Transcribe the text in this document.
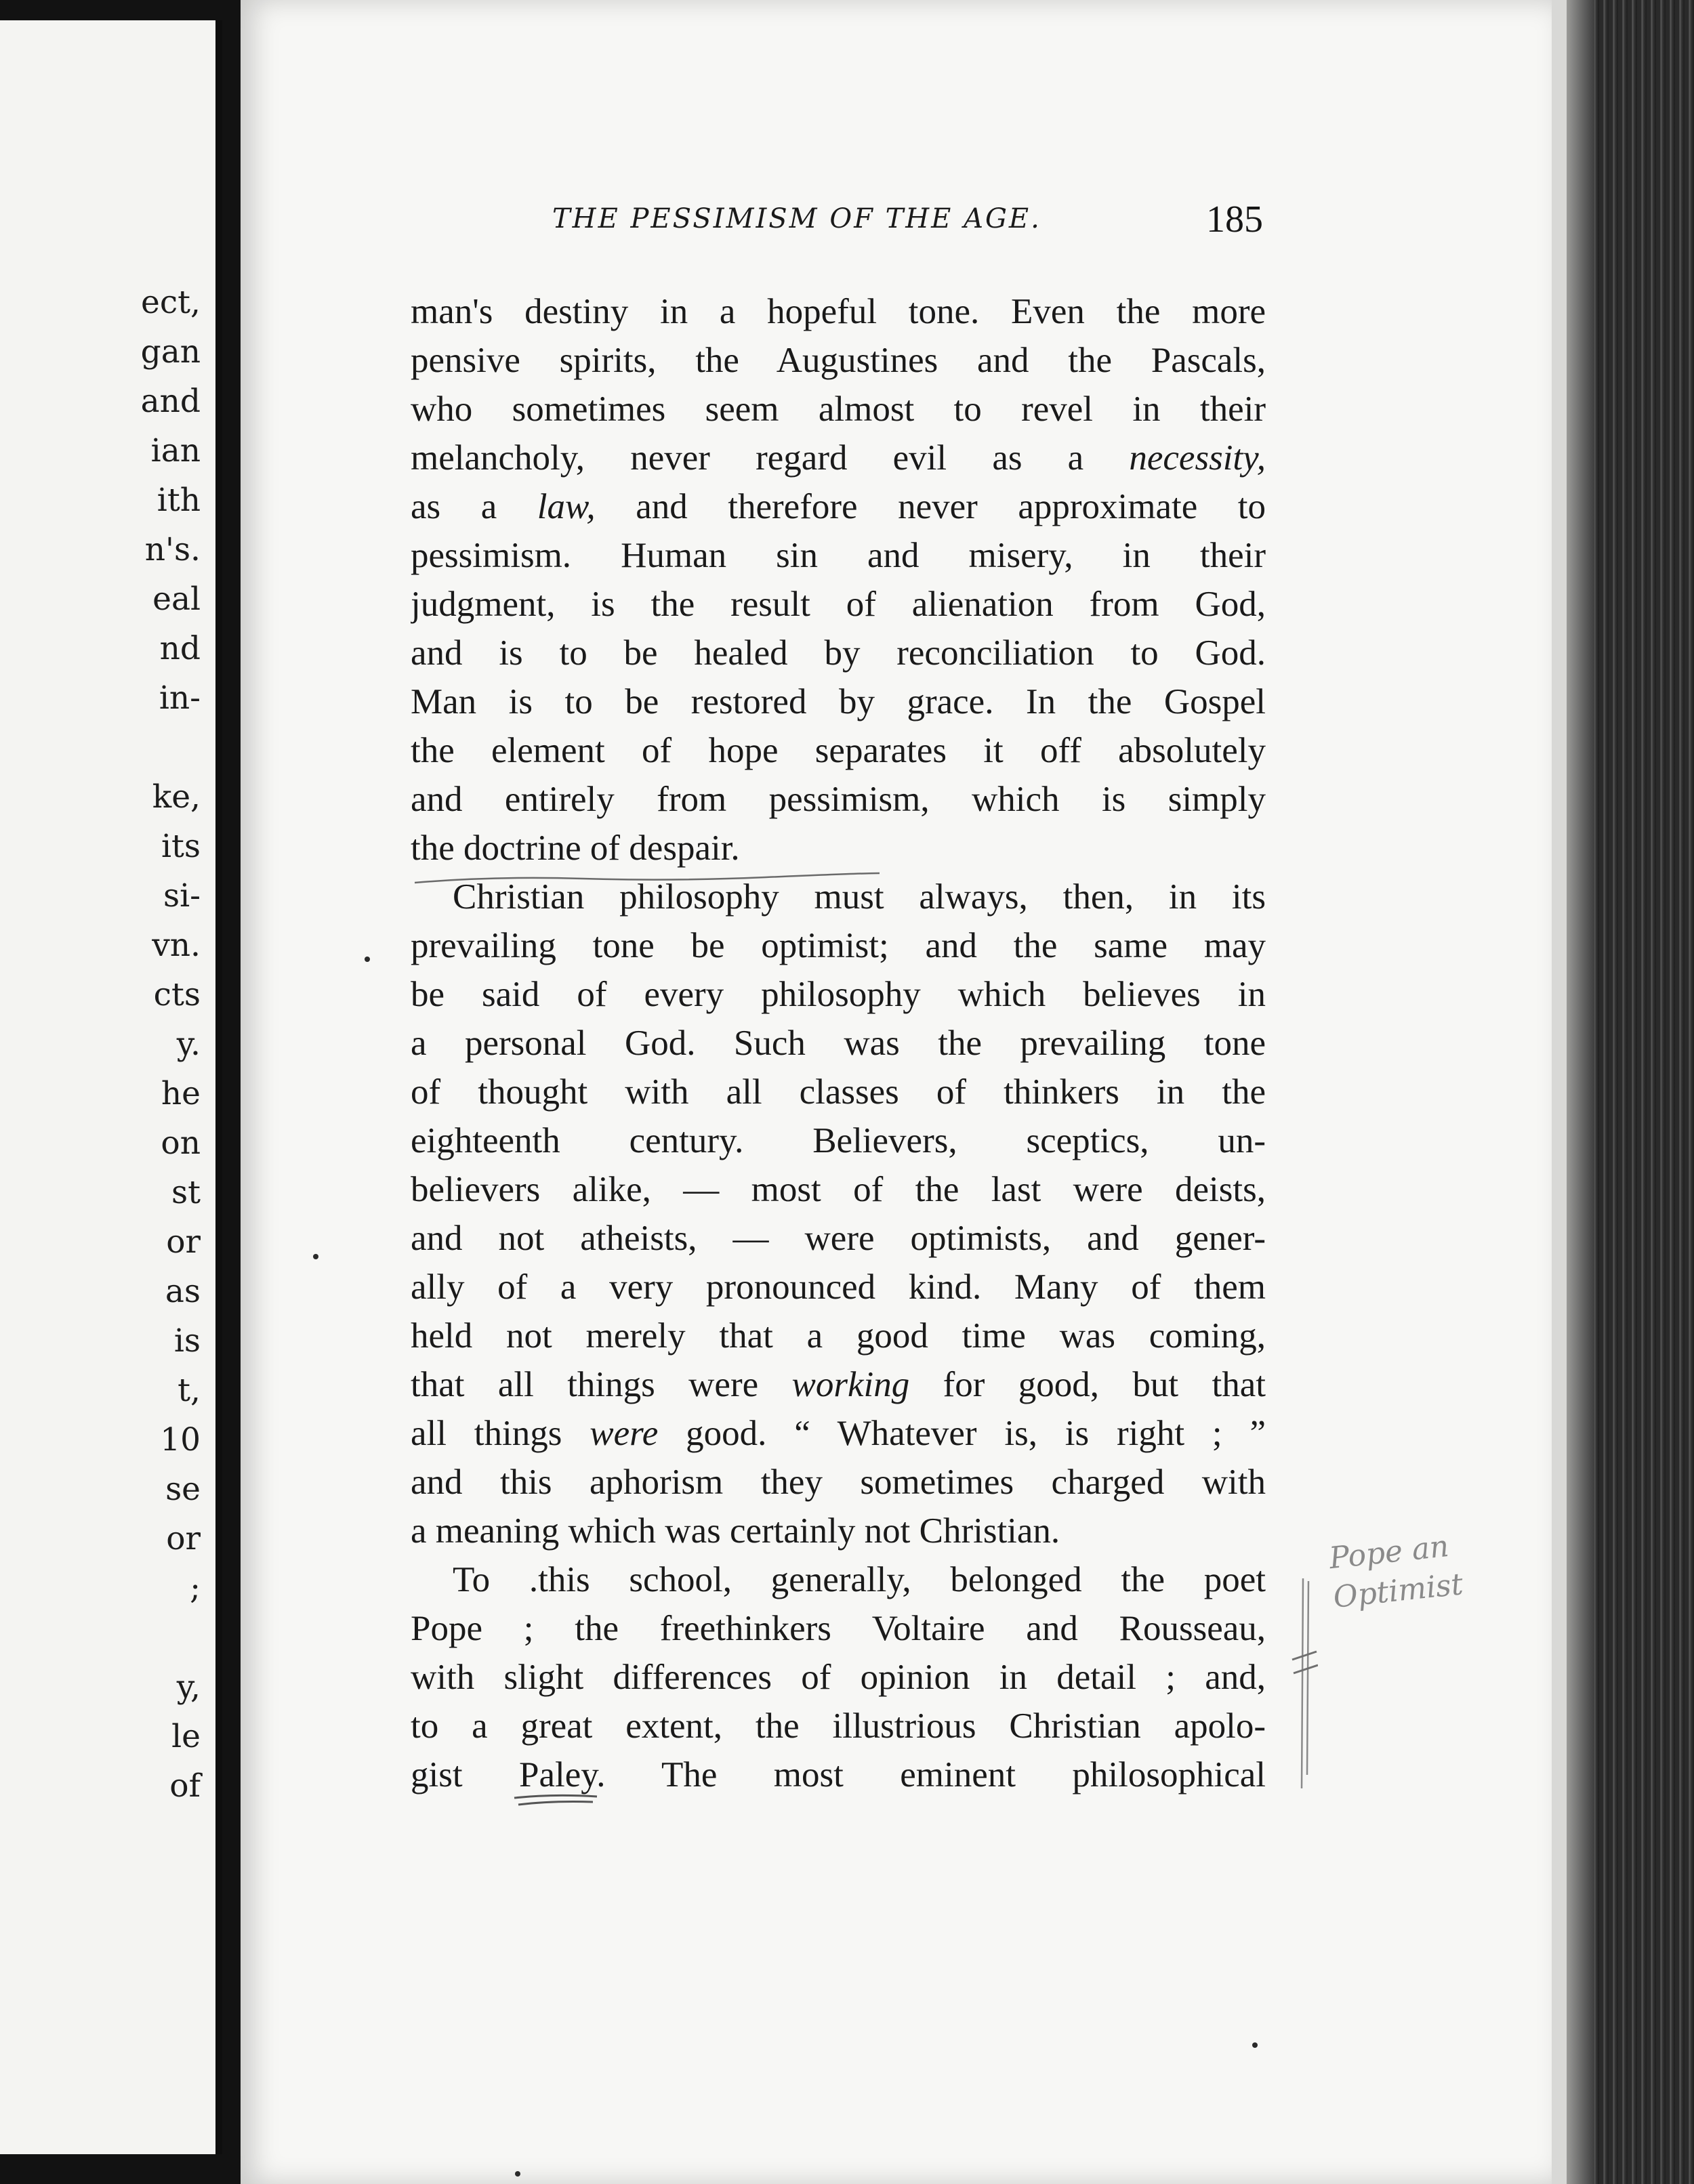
ect,
gan
and
ian
ith
n's.
eal
nd
in-
ke,
its
si-
vn.
cts
y.
he
on
st
or
as
is
t,
10
se
or
;
y,
le
of
THE PESSIMISM OF THE AGE.	185
man's destiny in a hopeful tone. Even the more
pensive spirits, the Augustines and the Pascals,
who sometimes seem almost to revel in their
melancholy, never regard evil as a necessity,
as a law, and therefore never approximate to
pessimism. Human sin and misery, in their
judgment, is the result of alienation from God,
and is to be healed by reconciliation to God.
Man is to be restored by grace. In the Gospel
the element of hope separates it off absolutely
and entirely from pessimism, which is simply
the doctrine of despair.
Christian philosophy must always, then, in its
prevailing tone be optimist; and the same may
be said of every philosophy which believes in
a personal God. Such was the prevailing tone
of thought with all classes of thinkers in the
eighteenth century. Believers, sceptics, un-
believers alike, — most of the last were deists,
and not atheists, — were optimists, and gener-
ally of a very pronounced kind. Many of them
held not merely that a good time was coming,
that all things were working for good, but that
all things were good. “ Whatever is, is right ; ”
and this aphorism they sometimes charged with
a meaning which was certainly not Christian.
To .this school, generally, belonged the poet
Pope ; the freethinkers Voltaire and Rousseau,
with slight differences of opinion in detail ; and,
to a great extent, the illustrious Christian apolo-
gist Paley. The most eminent philosophical
Pope an
Optimist
